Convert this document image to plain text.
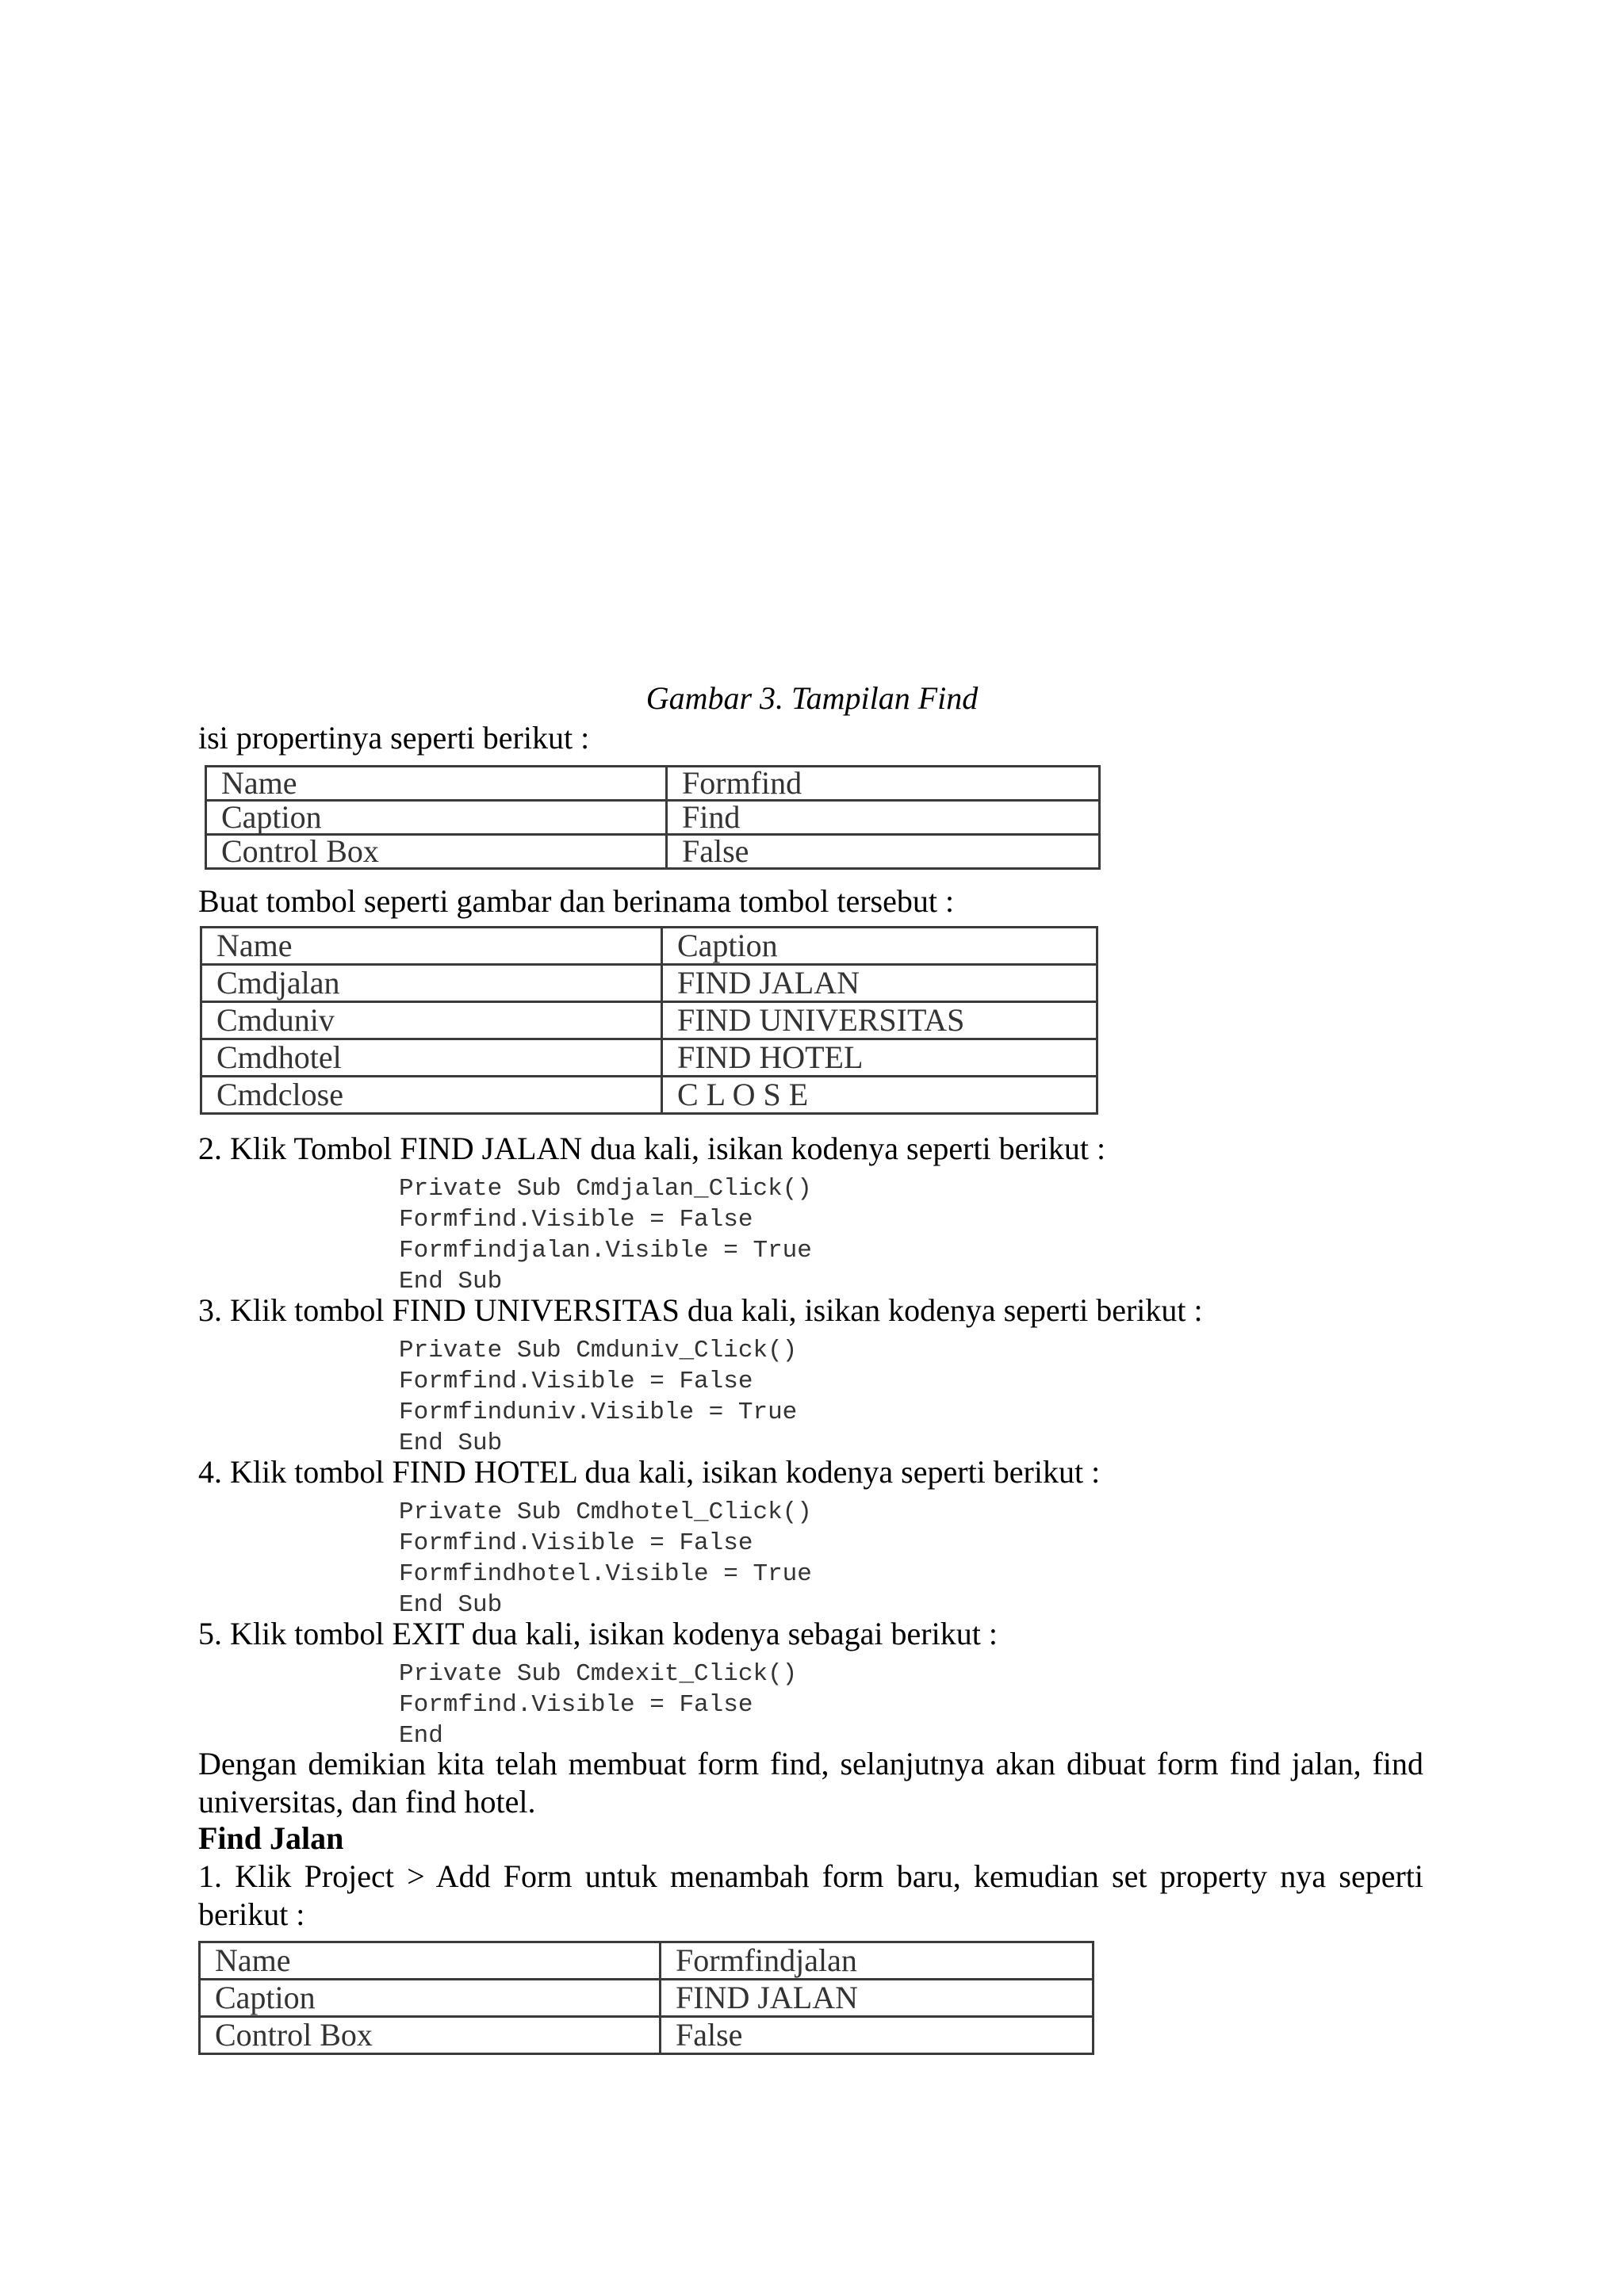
Gambar 3. Tampilan Find
isi propertinya seperti berikut :
Name	Formfind
Caption	Find
Control Box	False
Buat tombol seperti gambar dan berinama tombol tersebut :
Name	Caption
Cmdjalan	FIND JALAN
Cmduniv	FIND UNIVERSITAS
Cmdhotel	FIND HOTEL
Cmdclose	C L O S E
2. Klik Tombol FIND JALAN dua kali, isikan kodenya seperti berikut :
Private Sub Cmdjalan_Click()
Formfind.Visible = False
Formfindjalan.Visible = True
End Sub
3. Klik tombol FIND UNIVERSITAS dua kali, isikan kodenya seperti berikut :
Private Sub Cmduniv_Click()
Formfind.Visible = False
Formfinduniv.Visible = True
End Sub
4. Klik tombol FIND HOTEL dua kali, isikan kodenya seperti berikut :
Private Sub Cmdhotel_Click()
Formfind.Visible = False
Formfindhotel.Visible = True
End Sub
5. Klik tombol EXIT dua kali, isikan kodenya sebagai berikut :
Private Sub Cmdexit_Click()
Formfind.Visible = False
End
Dengan demikian kita telah membuat form find, selanjutnya akan dibuat form find jalan, find universitas, dan find hotel.
Find Jalan
1. Klik Project > Add Form untuk menambah form baru, kemudian set property nya seperti berikut :
Name	Formfindjalan
Caption	FIND JALAN
Control Box	False
